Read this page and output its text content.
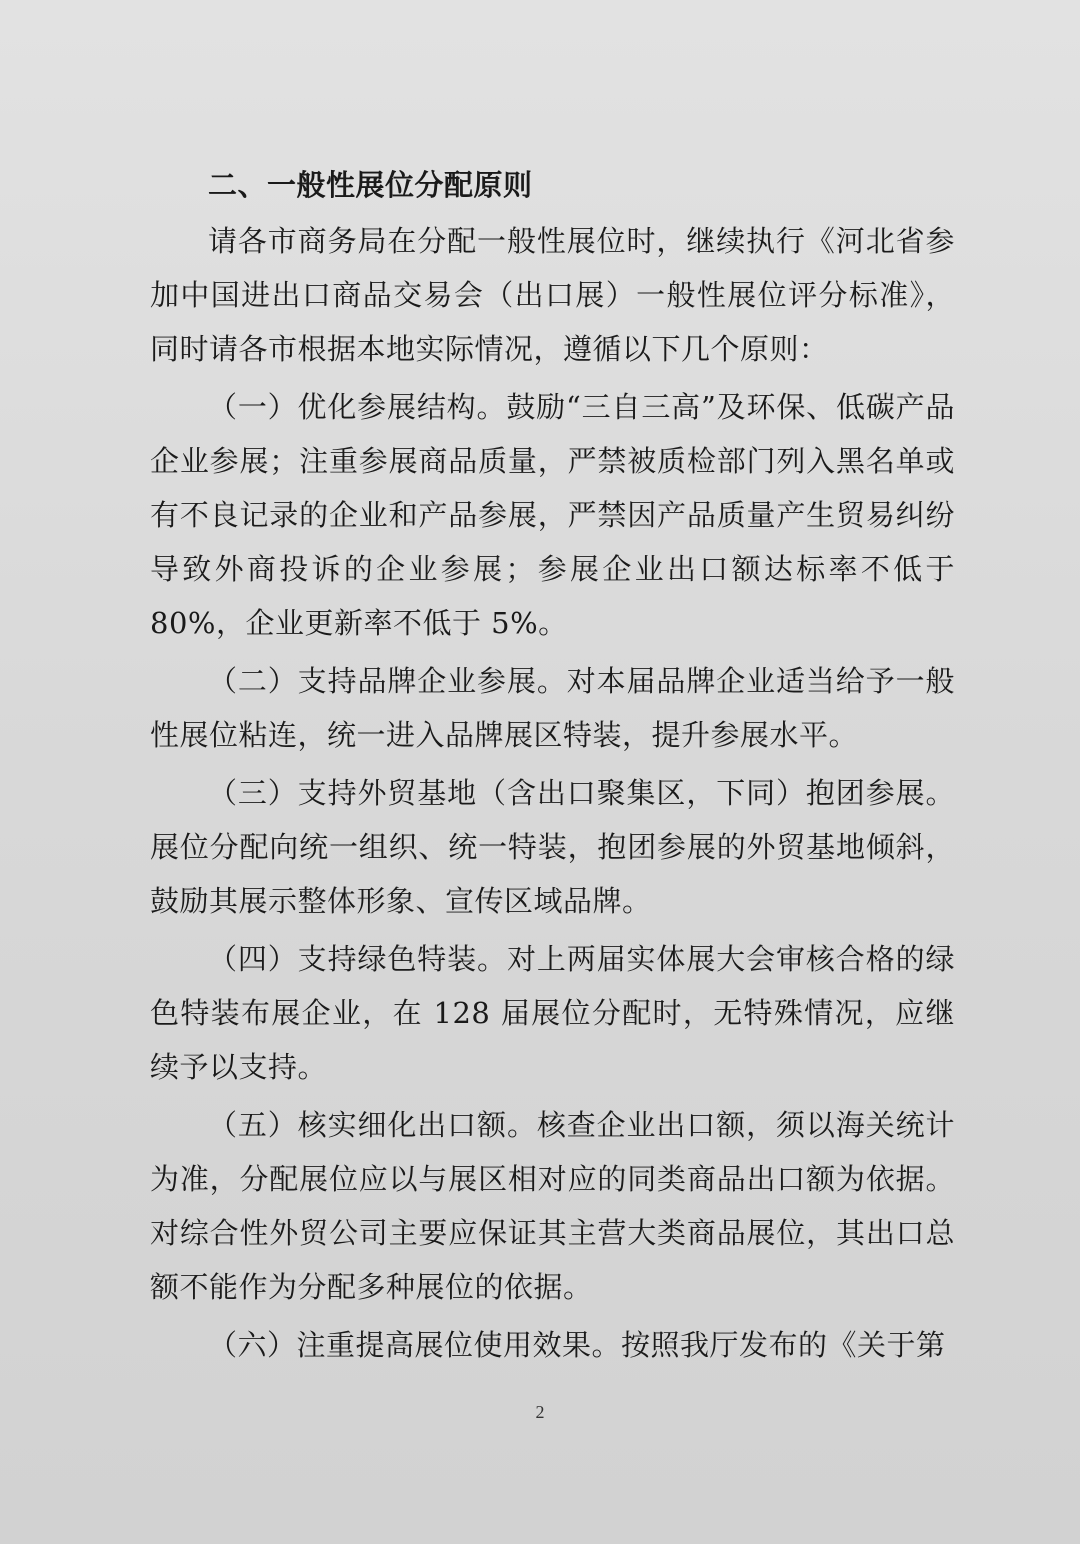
二、一般性展位分配原则

请各市商务局在分配一般性展位时，继续执行《河北省参加中国进出口商品交易会（出口展）一般性展位评分标准》，同时请各市根据本地实际情况，遵循以下几个原则：

（一）优化参展结构。鼓励“三自三高”及环保、低碳产品企业参展；注重参展商品质量，严禁被质检部门列入黑名单或有不良记录的企业和产品参展，严禁因产品质量产生贸易纠纷导致外商投诉的企业参展；参展企业出口额达标率不低于 80%，企业更新率不低于 5%。

（二）支持品牌企业参展。对本届品牌企业适当给予一般性展位粘连，统一进入品牌展区特装，提升参展水平。

（三）支持外贸基地（含出口聚集区，下同）抱团参展。展位分配向统一组织、统一特装，抱团参展的外贸基地倾斜，鼓励其展示整体形象、宣传区域品牌。

（四）支持绿色特装。对上两届实体展大会审核合格的绿色特装布展企业，在 128 届展位分配时，无特殊情况，应继续予以支持。

（五）核实细化出口额。核查企业出口额，须以海关统计为准，分配展位应以与展区相对应的同类商品出口额为依据。对综合性外贸公司主要应保证其主营大类商品展位，其出口总额不能作为分配多种展位的依据。

（六）注重提高展位使用效果。按照我厅发布的《关于第

2
